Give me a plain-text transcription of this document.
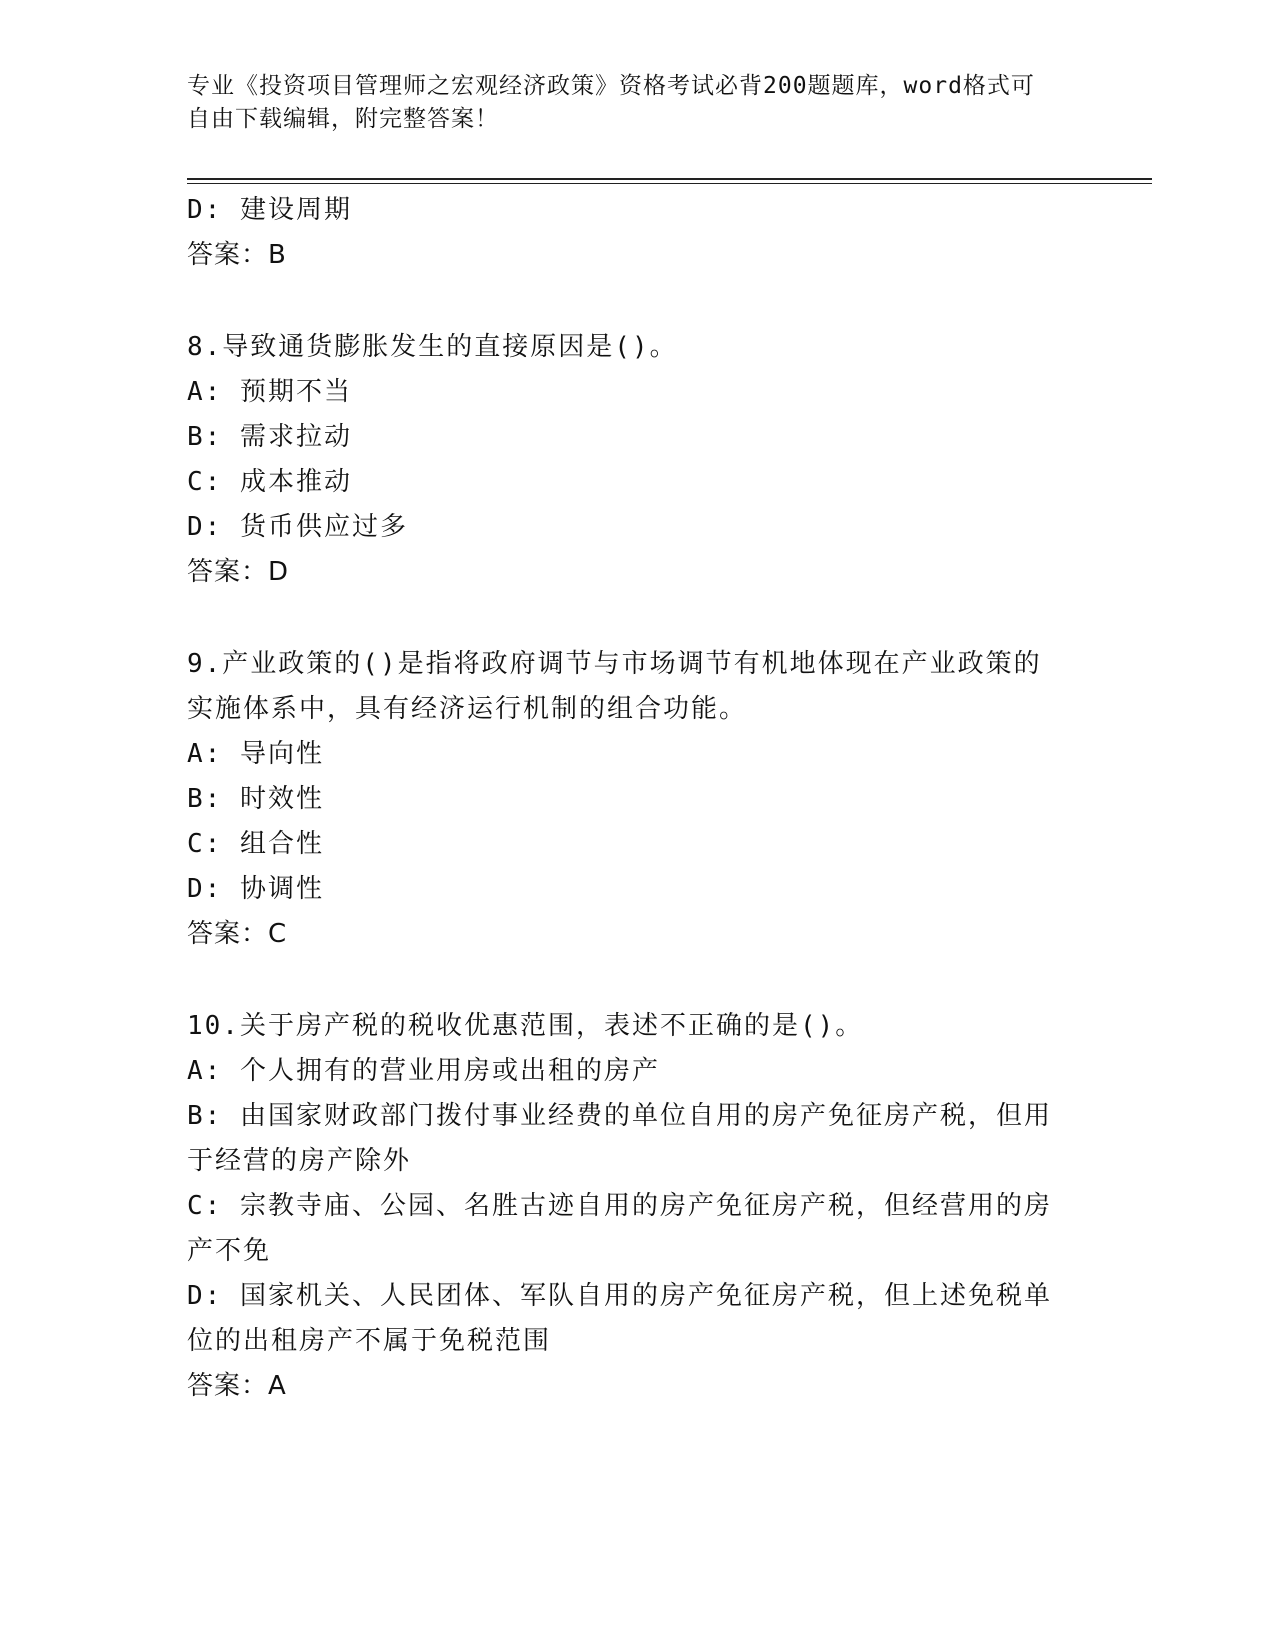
专业《投资项目管理师之宏观经济政策》资格考试必背200题题库，word格式可
自由下载编辑，附完整答案！
D: 建设周期
答案：B
8.导致通货膨胀发生的直接原因是()。
A: 预期不当
B: 需求拉动
C: 成本推动
D: 货币供应过多
答案：D
9.产业政策的()是指将政府调节与市场调节有机地体现在产业政策的
实施体系中，具有经济运行机制的组合功能。
A: 导向性
B: 时效性
C: 组合性
D: 协调性
答案：C
10.关于房产税的税收优惠范围，表述不正确的是()。
A: 个人拥有的营业用房或出租的房产
B: 由国家财政部门拨付事业经费的单位自用的房产免征房产税，但用
于经营的房产除外
C: 宗教寺庙、公园、名胜古迹自用的房产免征房产税，但经营用的房
产不免
D: 国家机关、人民团体、军队自用的房产免征房产税，但上述免税单
位的出租房产不属于免税范围
答案：A
